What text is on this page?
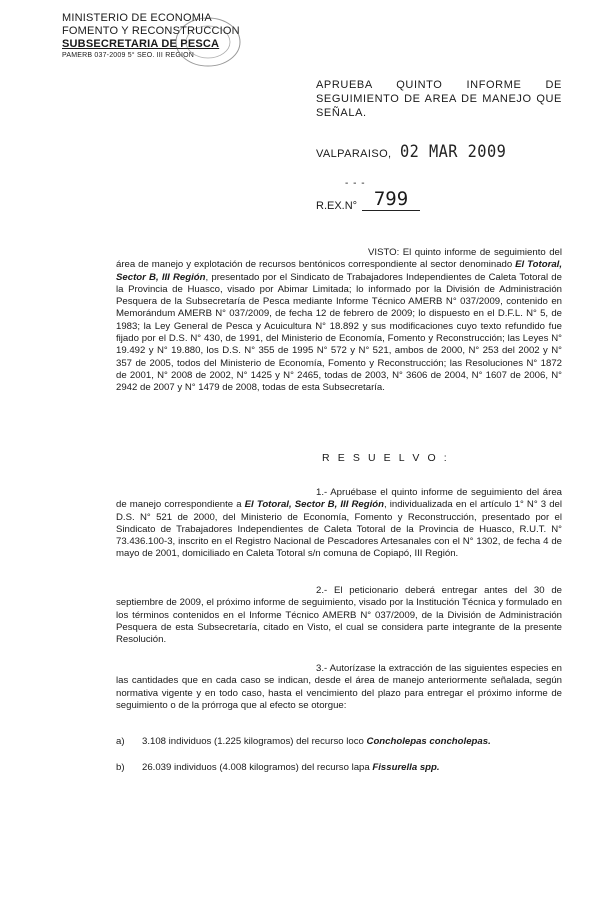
MINISTERIO DE ECONOMIA
FOMENTO Y RECONSTRUCCION
SUBSECRETARIA DE PESCA
PAMERB 037-2009 5° SEO. III REGION
APRUEBA QUINTO INFORME DE SEGUIMIENTO DE AREA DE MANEJO QUE SEÑALA.
VALPARAISO, 02 MAR 2009
- - -
R.EX.N° 799
VISTO: El quinto informe de seguimiento del área de manejo y explotación de recursos bentónicos correspondiente al sector denominado El Totoral, Sector B, III Región, presentado por el Sindicato de Trabajadores Independientes de Caleta Totoral de la Provincia de Huasco, visado por Abimar Limitada; lo informado por la División de Administración Pesquera de la Subsecretaría de Pesca mediante Informe Técnico AMERB N° 037/2009, contenido en Memorándum AMERB N° 037/2009, de fecha 12 de febrero de 2009; lo dispuesto en el D.F.L. N° 5, de 1983; la Ley General de Pesca y Acuicultura N° 18.892 y sus modificaciones cuyo texto refundido fue fijado por el D.S. N° 430, de 1991, del Ministerio de Economía, Fomento y Reconstrucción; las Leyes N° 19.492 y N° 19.880, los D.S. N° 355 de 1995 N° 572 y N° 521, ambos de 2000, N° 253 del 2002 y N° 357 de 2005, todos del Ministerio de Economía, Fomento y Reconstrucción; las Resoluciones N° 1872 de 2001, N° 2008 de 2002, N° 1425 y N° 2465, todas de 2003, N° 3606 de 2004, N° 1607 de 2006, N° 2942 de 2007 y N° 1479 de 2008, todas de esta Subsecretaría.
R E S U E L V O :
1.- Apruébase el quinto informe de seguimiento del área de manejo correspondiente a El Totoral, Sector B, III Región, individualizada en el artículo 1° N° 3 del D.S. N° 521 de 2000, del Ministerio de Economía, Fomento y Reconstrucción, presentado por el Sindicato de Trabajadores Independientes de Caleta Totoral de la Provincia de Huasco, R.U.T. N° 73.436.100-3, inscrito en el Registro Nacional de Pescadores Artesanales con el N° 1302, de fecha 4 de mayo de 2001, domiciliado en Caleta Totoral s/n comuna de Copiapó, III Región.
2.- El peticionario deberá entregar antes del 30 de septiembre de 2009, el próximo informe de seguimiento, visado por la Institución Técnica y formulado en los términos contenidos en el Informe Técnico AMERB N° 037/2009, de la División de Administración Pesquera de esta Subsecretaría, citado en Visto, el cual se considera parte integrante de la presente Resolución.
3.- Autorízase la extracción de las siguientes especies en las cantidades que en cada caso se indican, desde el área de manejo anteriormente señalada, según normativa vigente y en todo caso, hasta el vencimiento del plazo para entregar el próximo informe de seguimiento o de la prórroga que al efecto se otorgue:
a) 3.108 individuos (1.225 kilogramos) del recurso loco Concholepas concholepas.
b) 26.039 individuos (4.008 kilogramos) del recurso lapa Fissurella spp.
